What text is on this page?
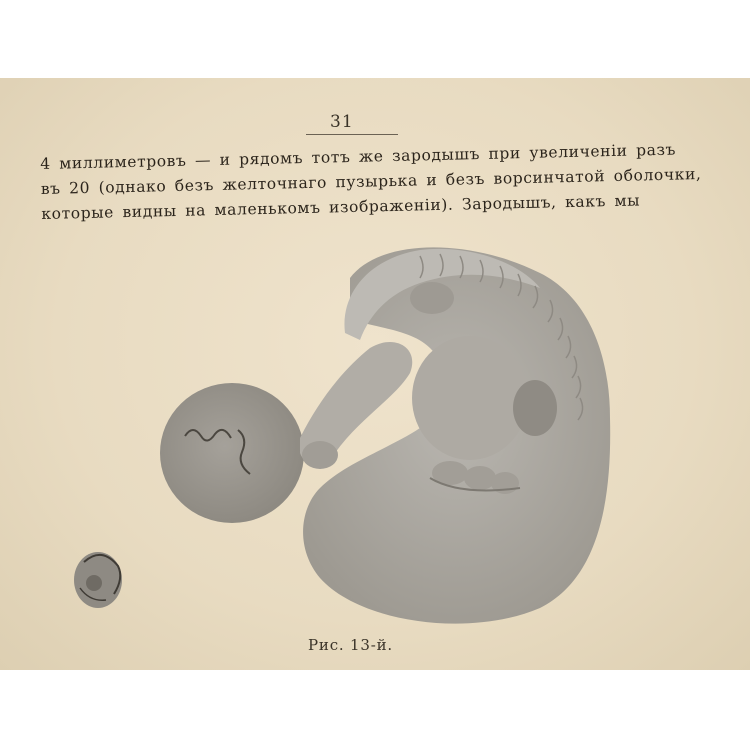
31
4 миллиметровъ — и рядомъ тотъ же зародышъ при увеличенiи разъ
въ 20 (однако безъ желточнаго пузырька и безъ ворсинчатой оболочки,
которые видны на маленькомъ изображенiи). Зародышъ, какъ мы
Рис. 13-й.
